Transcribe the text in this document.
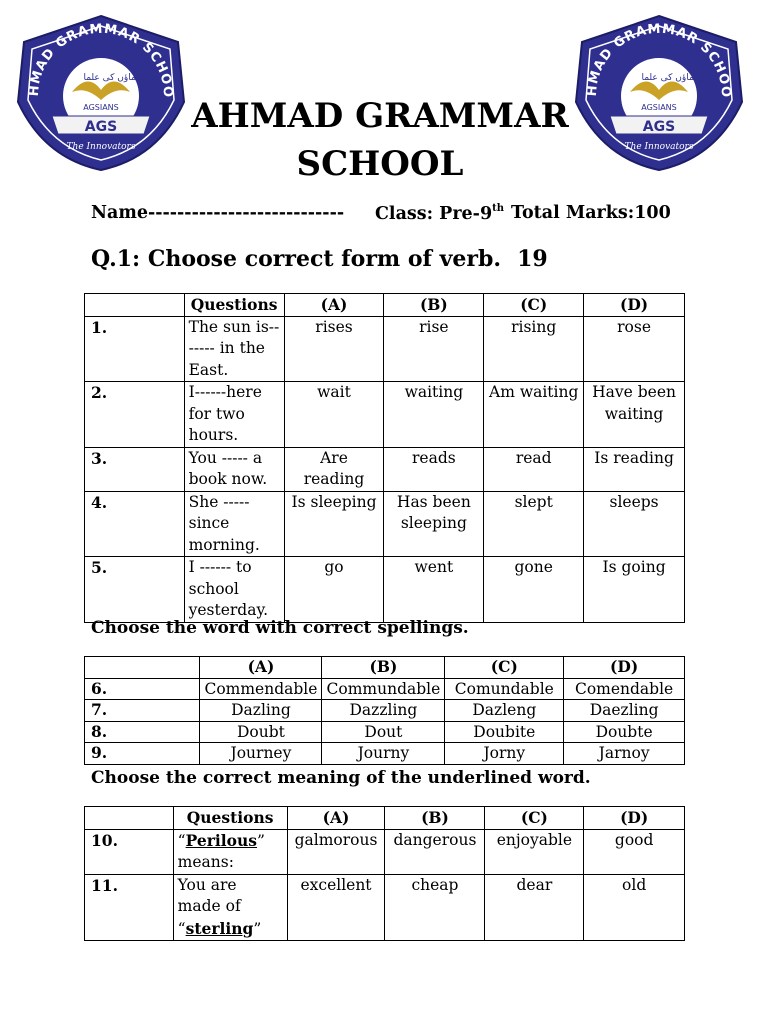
HMAD GRAMMAR SCHOO
رہنماؤں کی علما
AGSIANS
AGS
The Innovators
HMAD GRAMMAR SCHOO
رہنماؤں کی علما
AGSIANS
AGS
The Innovators
AHMAD GRAMMAR
SCHOOL
Name--------------------------- Class: Pre-9th Total Marks:100
Q.1: Choose correct form of verb. 19
	Questions	(A)	(B)	(C)	(D)
1.	The sun is------- in the East.	rises	rise	rising	rose
2.	I------here for two hours.	wait	waiting	Am waiting	Have been waiting
3.	You ----- a book now.	Are reading	reads	read	Is reading
4.	She ----- since morning.	Is sleeping	Has been sleeping	slept	sleeps
5.	I ------ to school yesterday.	go	went	gone	Is going
Choose the word with correct spellings.
	(A)	(B)	(C)	(D)
6.	Commendable	Commundable	Comundable	Comendable
7.	Dazling	Dazzling	Dazleng	Daezling
8.	Doubt	Dout	Doubite	Doubte
9.	Journey	Journy	Jorny	Jarnoy
Choose the correct meaning of the underlined word.
	Questions	(A)	(B)	(C)	(D)
10.	“Perilous” means:	galmorous	dangerous	enjoyable	good
11.	You are made of “sterling”	excellent	cheap	dear	old
